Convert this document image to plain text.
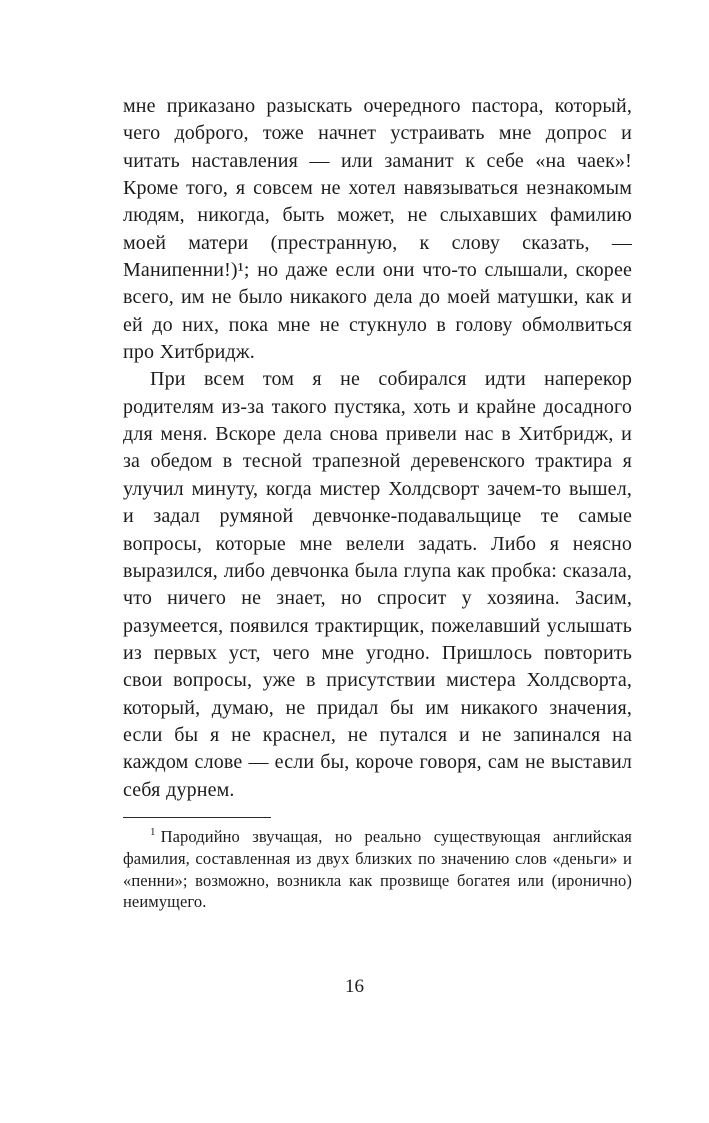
мне приказано разыскать очередного пастора, который, чего доброго, тоже начнет устраивать мне допрос и читать наставления — или заманит к себе «на чаек»! Кроме того, я совсем не хотел навязываться незнакомым людям, никогда, быть может, не слыхавших фамилию моей матери (престранную, к слову сказать, — Манипенни!)¹; но даже если они что-то слышали, скорее всего, им не было никакого дела до моей матушки, как и ей до них, пока мне не стукнуло в голову обмолвиться про Хитбридж.

При всем том я не собирался идти наперекор родителям из-за такого пустяка, хоть и крайне досадного для меня. Вскоре дела снова привели нас в Хитбридж, и за обедом в тесной трапезной деревенского трактира я улучил минуту, когда мистер Холдсворт зачем-то вышел, и задал румяной девчонке-подавальщице те самые вопросы, которые мне велели задать. Либо я неясно выразился, либо девчонка была глупа как пробка: сказала, что ничего не знает, но спросит у хозяина. Засим, разумеется, появился трактирщик, пожелавший услышать из первых уст, чего мне угодно. Пришлось повторить свои вопросы, уже в присутствии мистера Холдсворта, который, думаю, не придал бы им никакого значения, если бы я не краснел, не путался и не запинался на каждом слове — если бы, короче говоря, сам не выставил себя дурнем.

$^1$ Пародийно звучащая, но реально существующая английская фамилия, составленная из двух близких по значению слов «деньги» и «пенни»; возможно, возникла как прозвище богатея или (иронично) неимущего.

16
